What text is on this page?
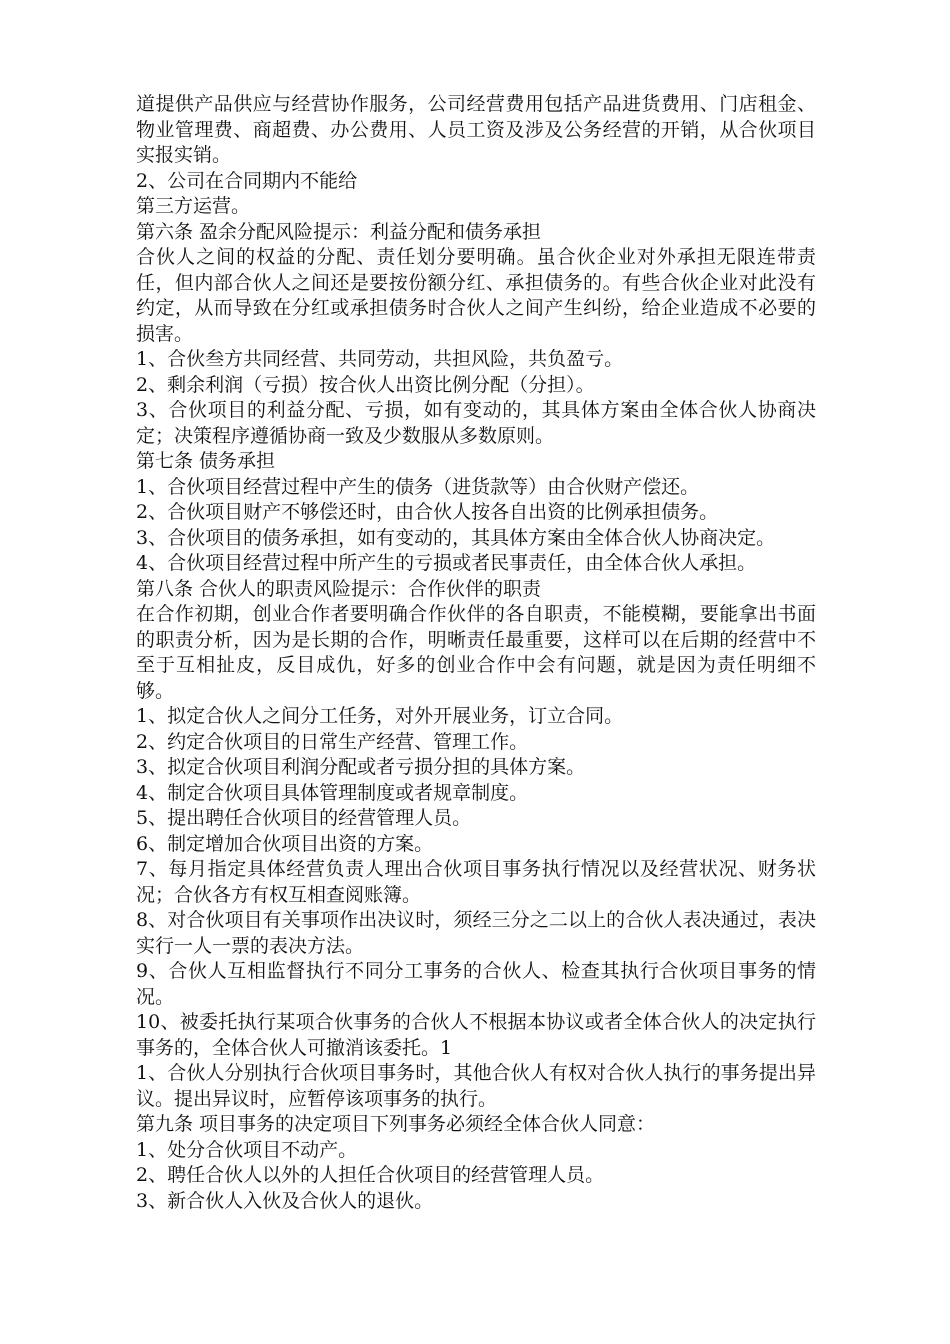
道提供产品供应与经营协作服务，公司经营费用包括产品进货费用、门店租金、物业管理费、商超费、办公费用、人员工资及涉及公务经营的开销，从合伙项目实报实销。

2、公司在合同期内不能给

第三方运营。

第六条 盈余分配风险提示：利益分配和债务承担

合伙人之间的权益的分配、责任划分要明确。虽合伙企业对外承担无限连带责任，但内部合伙人之间还是要按份额分红、承担债务的。有些合伙企业对此没有约定，从而导致在分红或承担债务时合伙人之间产生纠纷，给企业造成不必要的损害。

1、合伙叁方共同经营、共同劳动，共担风险，共负盈亏。

2、剩余利润（亏损）按合伙人出资比例分配（分担）。

3、合伙项目的利益分配、亏损，如有变动的，其具体方案由全体合伙人协商决定；决策程序遵循协商一致及少数服从多数原则。

第七条 债务承担

1、合伙项目经营过程中产生的债务（进货款等）由合伙财产偿还。

2、合伙项目财产不够偿还时，由合伙人按各自出资的比例承担债务。

3、合伙项目的债务承担，如有变动的，其具体方案由全体合伙人协商决定。

4、合伙项目经营过程中所产生的亏损或者民事责任，由全体合伙人承担。

第八条 合伙人的职责风险提示：合作伙伴的职责

在合作初期，创业合作者要明确合作伙伴的各自职责，不能模糊，要能拿出书面的职责分析，因为是长期的合作，明晰责任最重要，这样可以在后期的经营中不至于互相扯皮，反目成仇，好多的创业合作中会有问题，就是因为责任明细不够。

1、拟定合伙人之间分工任务，对外开展业务，订立合同。

2、约定合伙项目的日常生产经营、管理工作。

3、拟定合伙项目利润分配或者亏损分担的具体方案。

4、制定合伙项目具体管理制度或者规章制度。

5、提出聘任合伙项目的经营管理人员。

6、制定增加合伙项目出资的方案。

7、每月指定具体经营负责人理出合伙项目事务执行情况以及经营状况、财务状况；合伙各方有权互相查阅账簿。

8、对合伙项目有关事项作出决议时，须经三分之二以上的合伙人表决通过，表决实行一人一票的表决方法。

9、合伙人互相监督执行不同分工事务的合伙人、检查其执行合伙项目事务的情况。

10、被委托执行某项合伙事务的合伙人不根据本协议或者全体合伙人的决定执行事务的，全体合伙人可撤消该委托。1

1、合伙人分别执行合伙项目事务时，其他合伙人有权对合伙人执行的事务提出异议。提出异议时，应暂停该项事务的执行。

第九条 项目事务的决定项目下列事务必须经全体合伙人同意：

1、处分合伙项目不动产。

2、聘任合伙人以外的人担任合伙项目的经营管理人员。

3、新合伙人入伙及合伙人的退伙。
